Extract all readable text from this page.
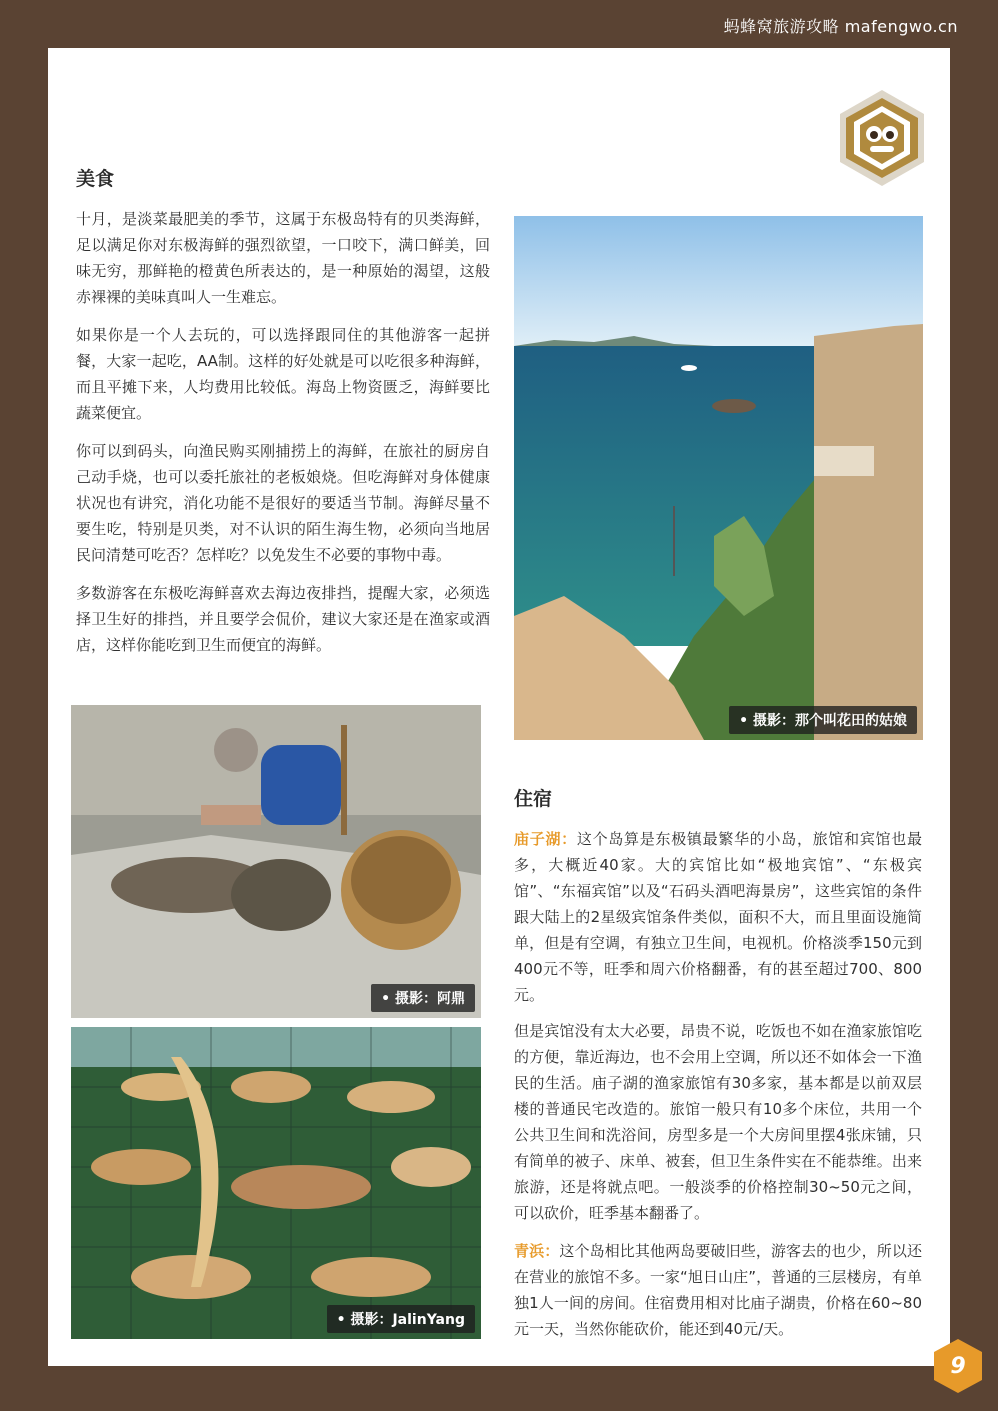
蚂蜂窝旅游攻略 mafengwo.cn
美食

十月，是淡菜最肥美的季节，这属于东极岛特有的贝类海鲜，足以满足你对东极海鲜的强烈欲望，一口咬下，满口鲜美，回味无穷，那鲜艳的橙黄色所表达的，是一种原始的渴望，这般赤裸裸的美味真叫人一生难忘。

如果你是一个人去玩的，可以选择跟同住的其他游客一起拼餐，大家一起吃，AA制。这样的好处就是可以吃很多种海鲜，而且平摊下来，人均费用比较低。海岛上物资匮乏，海鲜要比蔬菜便宜。

你可以到码头，向渔民购买刚捕捞上的海鲜，在旅社的厨房自己动手烧，也可以委托旅社的老板娘烧。但吃海鲜对身体健康状况也有讲究，消化功能不是很好的要适当节制。海鲜尽量不要生吃，特别是贝类，对不认识的陌生海生物，必须向当地居民问清楚可吃否？怎样吃？以免发生不必要的事物中毒。

多数游客在东极吃海鲜喜欢去海边夜排挡，提醒大家，必须选择卫生好的排挡，并且要学会侃价，建议大家还是在渔家或酒店，这样你能吃到卫生而便宜的海鲜。

• 摄影：那个叫花田的姑娘
• 摄影：阿鼎
• 摄影：JalinYang
住宿

庙子湖：这个岛算是东极镇最繁华的小岛，旅馆和宾馆也最多，大概近40家。大的宾馆比如“极地宾馆”、“东极宾馆”、“东福宾馆”以及“石码头酒吧海景房”，这些宾馆的条件跟大陆上的2星级宾馆条件类似，面积不大，而且里面设施简单，但是有空调，有独立卫生间，电视机。价格淡季150元到400元不等，旺季和周六价格翻番，有的甚至超过700、800元。

但是宾馆没有太大必要，昂贵不说，吃饭也不如在渔家旅馆吃的方便，靠近海边，也不会用上空调，所以还不如体会一下渔民的生活。庙子湖的渔家旅馆有30多家，基本都是以前双层楼的普通民宅改造的。旅馆一般只有10多个床位，共用一个公共卫生间和洗浴间，房型多是一个大房间里摆4张床铺，只有简单的被子、床单、被套，但卫生条件实在不能恭维。出来旅游，还是将就点吧。一般淡季的价格控制30~50元之间，可以砍价，旺季基本翻番了。

青浜：这个岛相比其他两岛要破旧些，游客去的也少，所以还在营业的旅馆不多。一家“旭日山庄”，普通的三层楼房，有单独1人一间的房间。住宿费用相对比庙子湖贵，价格在60~80元一天，当然你能砍价，能还到40元/天。

9
